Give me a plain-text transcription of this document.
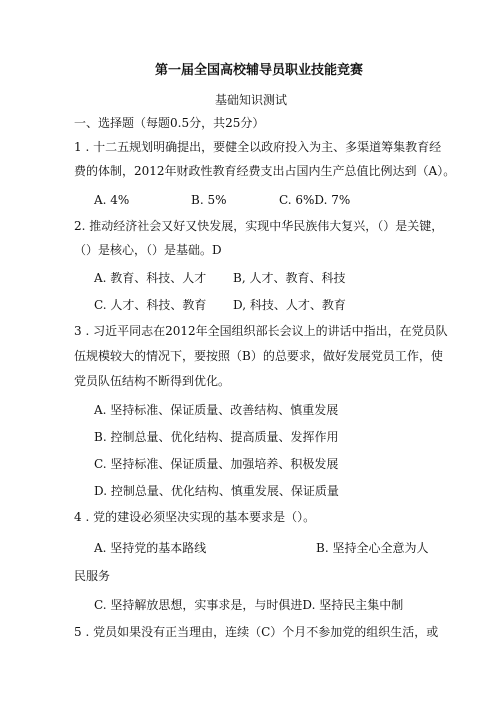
第一届全国高校辅导员职业技能竞赛
基础知识测试
一、选择题（每题0.5分，共25分）
1 . 十二五规划明确提出，要健全以政府投入为主、多渠道筹集教育经
费的体制，2012年财政性教育经费支出占国内生产总值比例达到（A）。
A. 4%	B. 5%	C. 6%D. 7%
2. 推动经济社会又好又快发展，实现中华民族伟大复兴，（）是关键，
（）是核心，（）是基础。D
A. 教育、科技、人才 B, 人才、教育、科技
C. 人才、科技、教育 D, 科技、人才、教育
3 . 习近平同志在2012年全国组织部长会议上的讲话中指出，在党员队
伍规模较大的情况下，要按照（B）的总要求，做好发展党员工作，使
党员队伍结构不断得到优化。
A. 坚持标准、保证质量、改善结构、慎重发展
B. 控制总量、优化结构、提高质量、发挥作用
C. 坚持标准、保证质量、加强培养、积极发展
D. 控制总量、优化结构、慎重发展、保证质量
4 . 党的建设必须坚决实现的基本要求是（）。
A. 坚持党的基本路线	B. 坚持全心全意为人
民服务
C. 坚持解放思想，实事求是，与时俱进D. 坚持民主集中制
5 . 党员如果没有正当理由，连续（C）个月不参加党的组织生活，或
